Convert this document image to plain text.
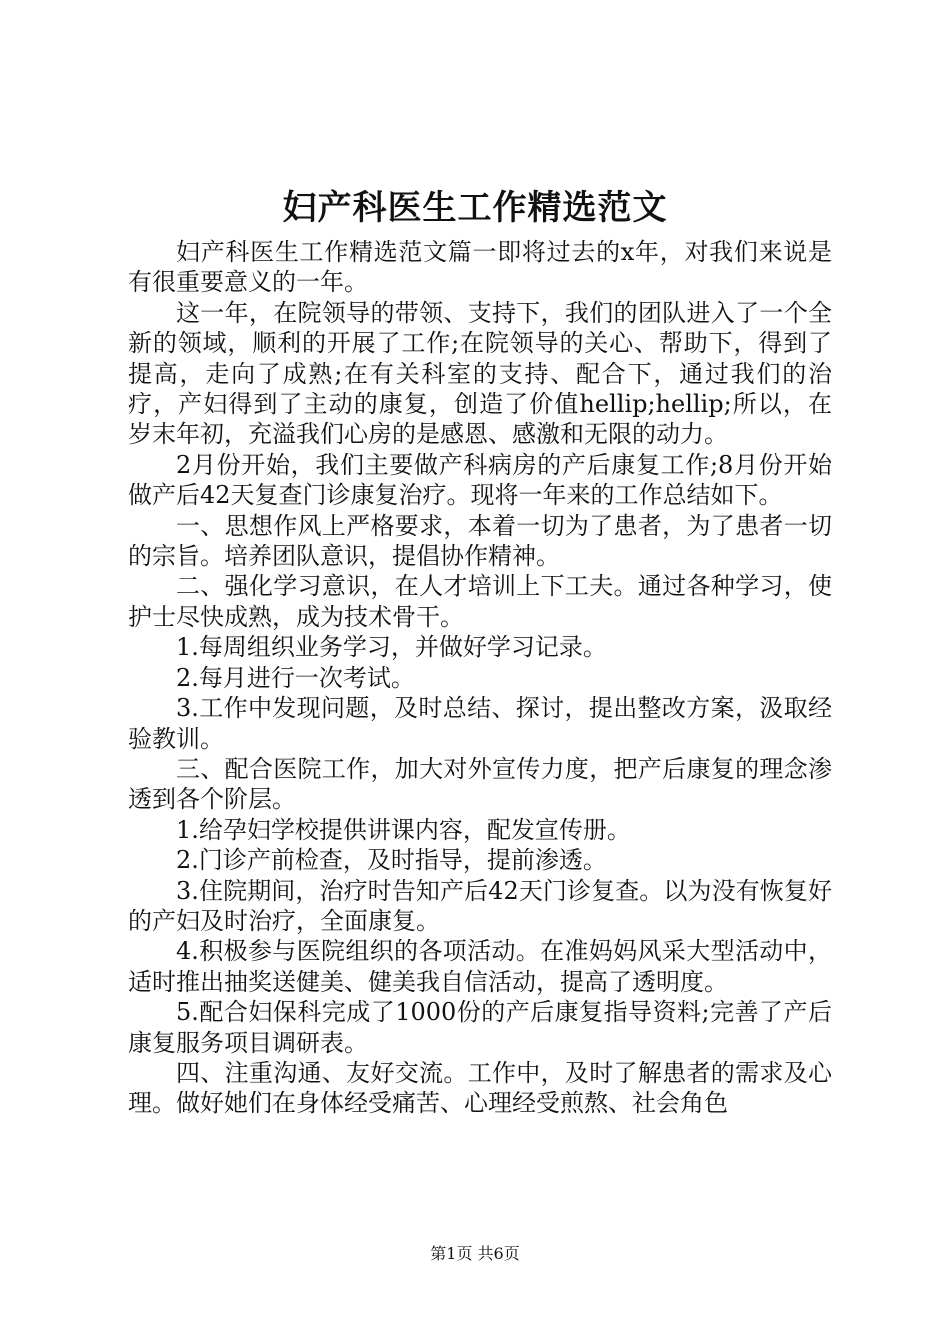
妇产科医生工作精选范文

妇产科医生工作精选范文篇一即将过去的x年，对我们来说是有很重要意义的一年。

这一年，在院领导的带领、支持下，我们的团队进入了一个全新的领域，顺利的开展了工作;在院领导的关心、帮助下，得到了提高，走向了成熟;在有关科室的支持、配合下，通过我们的治疗，产妇得到了主动的康复，创造了价值hellip;hellip;所以，在岁末年初，充溢我们心房的是感恩、感激和无限的动力。

2月份开始，我们主要做产科病房的产后康复工作;8月份开始做产后42天复查门诊康复治疗。现将一年来的工作总结如下。

一、思想作风上严格要求，本着一切为了患者，为了患者一切的宗旨。培养团队意识，提倡协作精神。

二、强化学习意识，在人才培训上下工夫。通过各种学习，使护士尽快成熟，成为技术骨干。

1.每周组织业务学习，并做好学习记录。

2.每月进行一次考试。

3.工作中发现问题，及时总结、探讨，提出整改方案，汲取经验教训。

三、配合医院工作，加大对外宣传力度，把产后康复的理念渗透到各个阶层。

1.给孕妇学校提供讲课内容，配发宣传册。

2.门诊产前检查，及时指导，提前渗透。

3.住院期间，治疗时告知产后42天门诊复查。以为没有恢复好的产妇及时治疗，全面康复。

4.积极参与医院组织的各项活动。在准妈妈风采大型活动中，适时推出抽奖送健美、健美我自信活动，提高了透明度。

5.配合妇保科完成了1000份的产后康复指导资料;完善了产后康复服务项目调研表。

四、注重沟通、友好交流。工作中，及时了解患者的需求及心理。做好她们在身体经受痛苦、心理经受煎熬、社会角色

第1页 共6页
